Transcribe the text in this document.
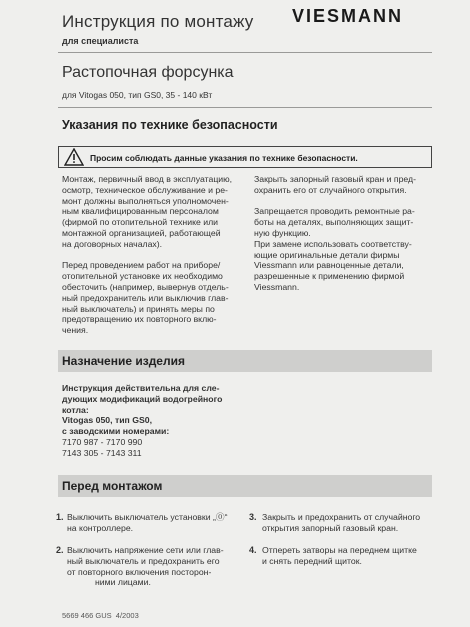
Инструкция по монтажу
для специалиста
VIESMANN
Растопочная форсунка
для Vitogas 050, тип GS0, 35 - 140 кВт
Указания по технике безопасности
Просим соблюдать данные указания по технике безопасности.

Монтаж, первичный ввод в эксплуатацию,

осмотр, техническое обслуживание и ре-

монт должны выполняться уполномочен-

ным квалифицированным персоналом

(фирмой по отопительной технике или

монтажной организацией, работающей

на договорных началах).

Перед проведением работ на приборе/

отопительной установке их необходимо

обесточить (например, вывернув отдель-

ный предохранитель или выключив глав-

ный выключатель) и принять меры по

предотвращению их повторного вклю-

чения.

Закрыть запорный газовый кран и пред-

охранить его от случайного открытия.

Запрещается проводить ремонтные ра-

боты на деталях, выполняющих защит-

ную функцию.

При замене использовать соответству-

ющие оригинальные детали фирмы

Viessmann или равноценные детали,

разрешенные к применению фирмой

Viessmann.

Назначение изделия

Инструкция действительна для сле-

дующих модификаций водогрейного

котла:

Vitogas 050, тип GS0,

с заводскими номерами:

7170 987 - 7170 990

7143 305 - 7143 311

Перед монтажом
1. Выключить выключатель установки „⓪“

на контроллере.

2. Выключить напряжение сети или глав-

ный выключатель и предохранить его

от повторного включения посторон-

ними лицами.

3. Закрыть и предохранить от случайного

открытия запорный газовый кран.

4. Отпереть затворы на переднем щитке

и снять передний щиток.

5669 466 GUS 4/2003
